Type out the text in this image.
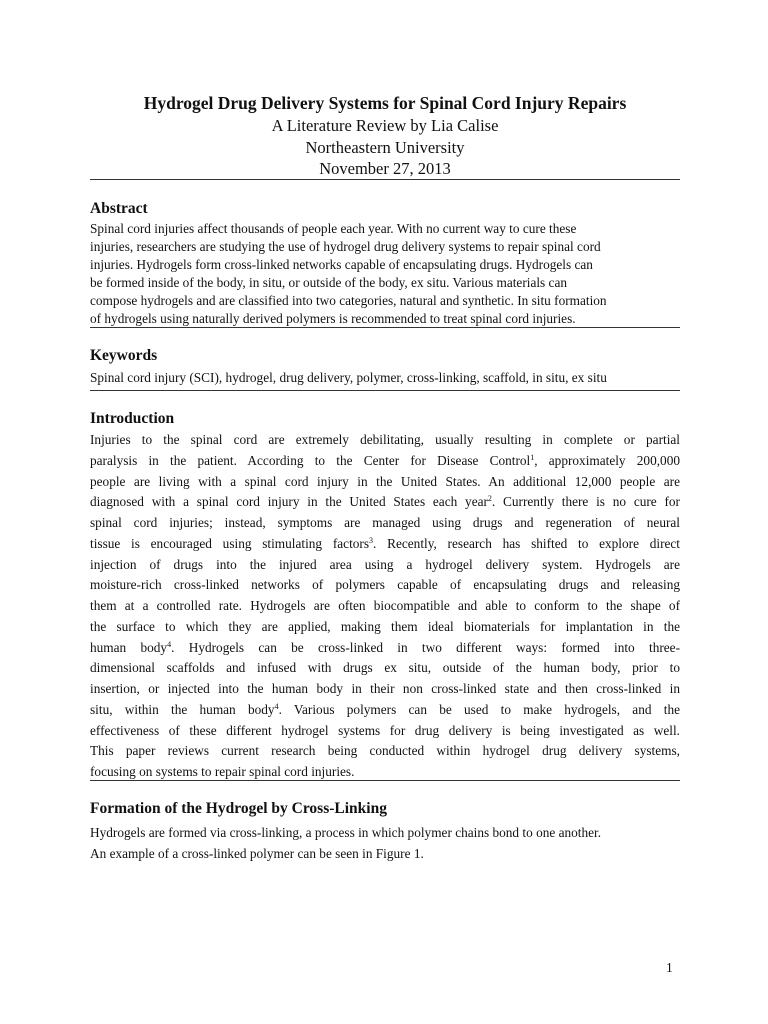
Hydrogel Drug Delivery Systems for Spinal Cord Injury Repairs
A Literature Review by Lia Calise
Northeastern University
November 27, 2013
Abstract
Spinal cord injuries affect thousands of people each year. With no current way to cure these
injuries, researchers are studying the use of hydrogel drug delivery systems to repair spinal cord
injuries. Hydrogels form cross-linked networks capable of encapsulating drugs. Hydrogels can
be formed inside of the body, in situ, or outside of the body, ex situ. Various materials can
compose hydrogels and are classified into two categories, natural and synthetic. In situ formation
of hydrogels using naturally derived polymers is recommended to treat spinal cord injuries.
Keywords
Spinal cord injury (SCI), hydrogel, drug delivery, polymer, cross-linking, scaffold, in situ, ex situ
Introduction
Injuries to the spinal cord are extremely debilitating, usually resulting in complete or partial
paralysis in the patient. According to the Center for Disease Control$^1$, approximately 200,000
people are living with a spinal cord injury in the United States. An additional 12,000 people are
diagnosed with a spinal cord injury in the United States each year$^2$. Currently there is no cure for
spinal cord injuries; instead, symptoms are managed using drugs and regeneration of neural
tissue is encouraged using stimulating factors$^3$. Recently, research has shifted to explore direct
injection of drugs into the injured area using a hydrogel delivery system. Hydrogels are
moisture-rich cross-linked networks of polymers capable of encapsulating drugs and releasing
them at a controlled rate. Hydrogels are often biocompatible and able to conform to the shape of
the surface to which they are applied, making them ideal biomaterials for implantation in the
human body$^4$. Hydrogels can be cross-linked in two different ways: formed into three-
dimensional scaffolds and infused with drugs ex situ, outside of the human body, prior to
insertion, or injected into the human body in their non cross-linked state and then cross-linked in
situ, within the human body$^4$. Various polymers can be used to make hydrogels, and the
effectiveness of these different hydrogel systems for drug delivery is being investigated as well.
This paper reviews current research being conducted within hydrogel drug delivery systems,
focusing on systems to repair spinal cord injuries.
Formation of the Hydrogel by Cross-Linking
Hydrogels are formed via cross-linking, a process in which polymer chains bond to one another.
An example of a cross-linked polymer can be seen in Figure 1.
1
